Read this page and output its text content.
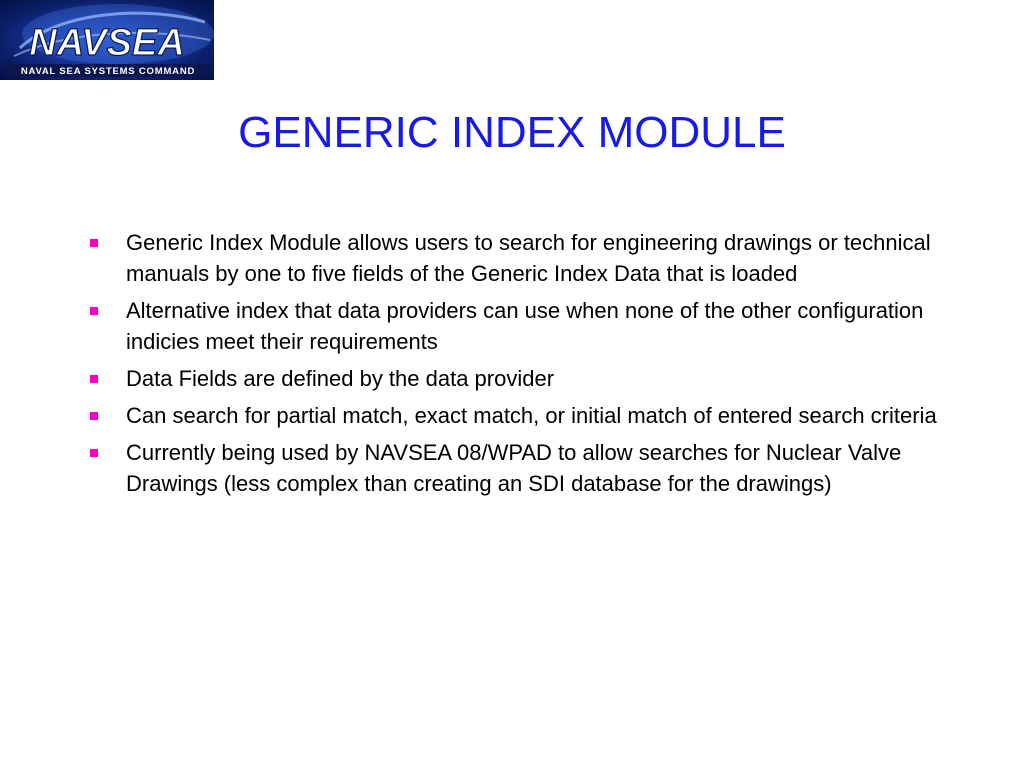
NAVSEA
NAVAL SEA SYSTEMS COMMAND
GENERIC INDEX MODULE
Generic Index Module allows users to search for engineering drawings or technical manuals by one to five fields of the Generic Index Data that is loaded
Alternative index that data providers can use when none of the other configuration indicies meet their requirements
Data Fields are defined by the data provider
Can search for partial match, exact match, or initial match of entered search criteria
Currently being used by NAVSEA 08/WPAD to allow searches for Nuclear Valve Drawings (less complex than creating an SDI database for the drawings)
